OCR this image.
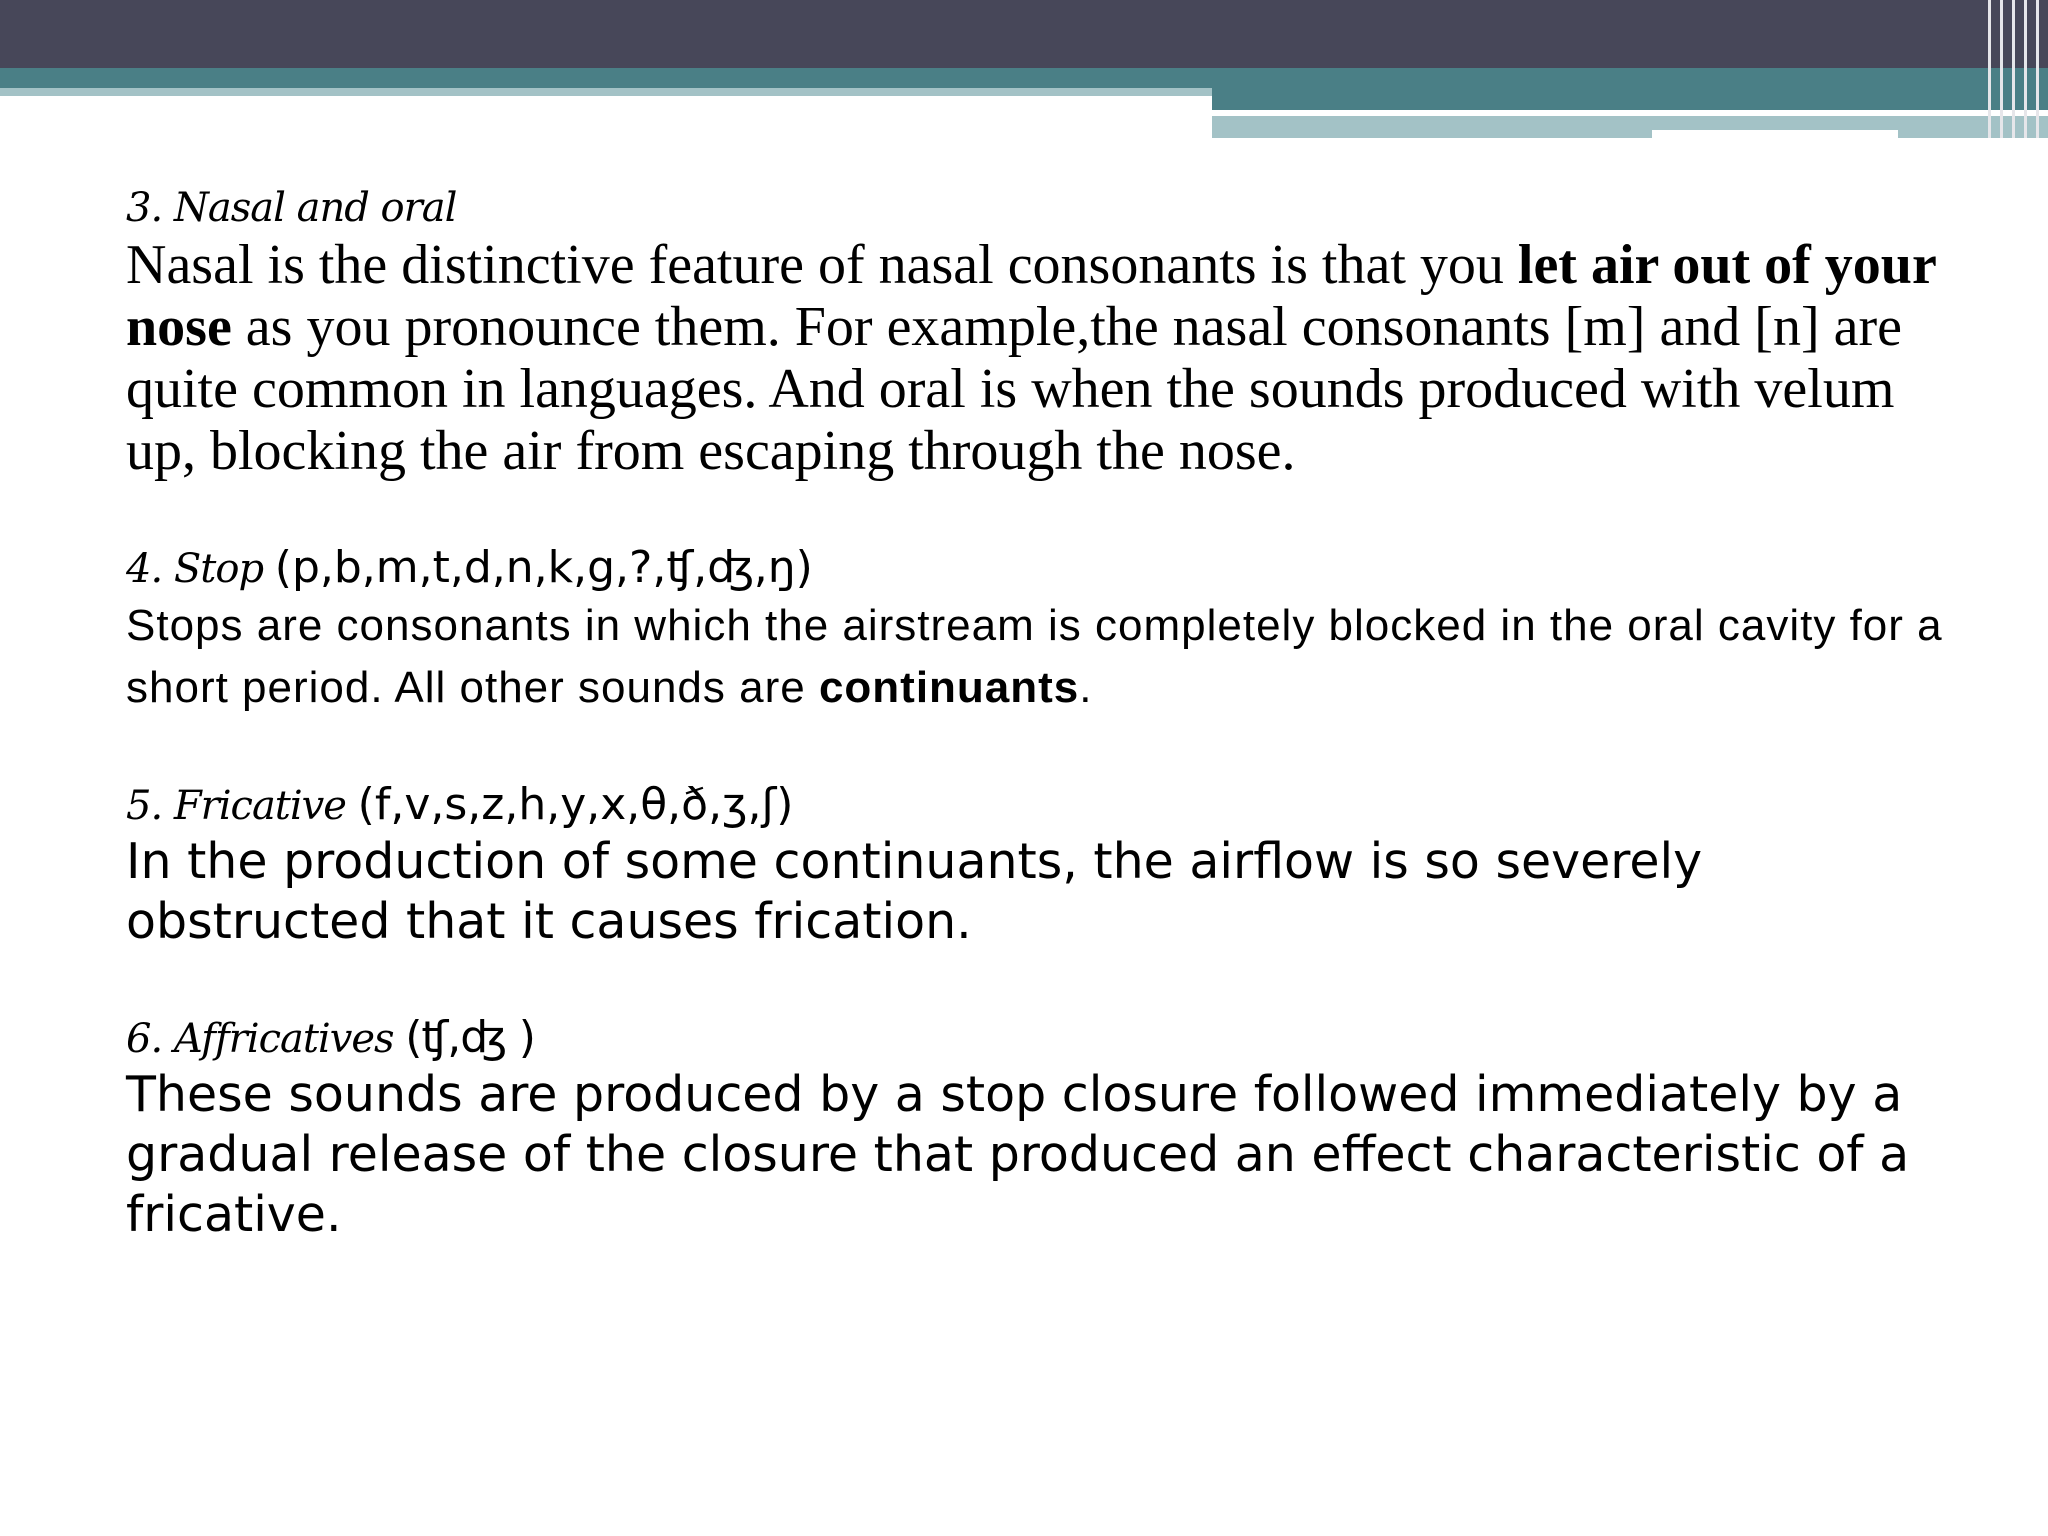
3. Nasal and oral

Nasal is the distinctive feature of nasal consonants is that you let air out of your nose as you pronounce them. For example,the nasal consonants [m] and [n] are quite common in languages. And oral is when the sounds produced with velum up, blocking the air from escaping through the nose.

4. Stop (p,b,m,t,d,n,k,g,?,ʧ,ʤ,ŋ)

Stops are consonants in which the airstream is completely blocked in the oral cavity for a short period. All other sounds are continuants.

5. Fricative (f,v,s,z,h,y,x,θ,ð,ʒ,ʃ)

In the production of some continuants, the airflow is so severely obstructed that it causes frication.

6. Affricatives (ʧ,ʤ )

These sounds are produced by a stop closure followed immediately by a gradual release of the closure that produced an effect characteristic of a fricative.
